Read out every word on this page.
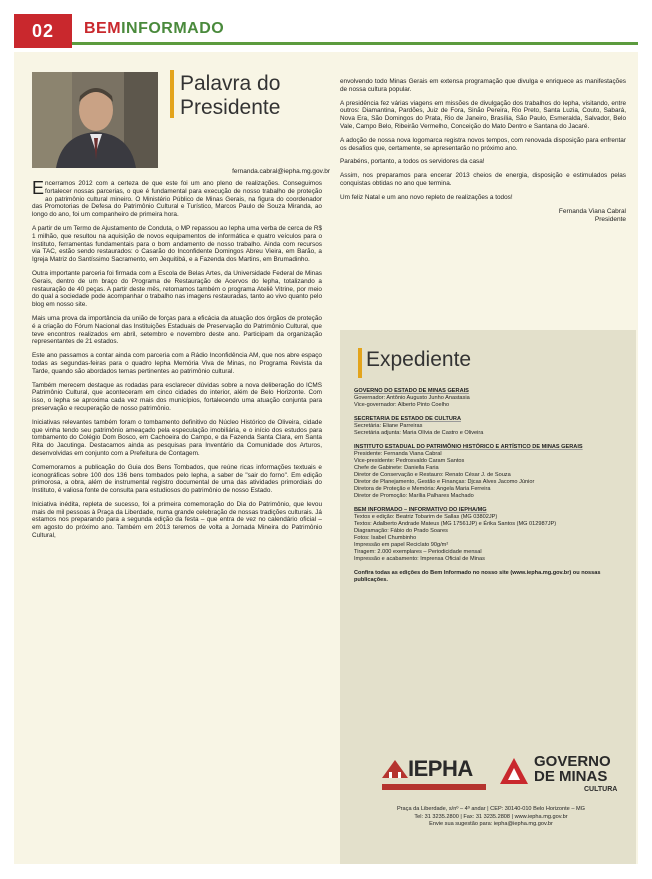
02	BEMINFORMADO
Palavra do Presidente
fernanda.cabral@iepha.mg.gov.br

Encerramos 2012 com a certeza de que este foi um ano pleno de realizações. Conseguimos fortalecer nossas parcerias, o que é fundamental para execução de nosso trabalho de proteção ao patrimônio cultural mineiro. O Ministério Público de Minas Gerais, na figura do coordenador das Promotorias de Defesa do Patrimônio Cultural e Turístico, Marcos Paulo de Souza Miranda, ao longo do ano, foi um companheiro de primeira hora.

A partir de um Termo de Ajustamento de Conduta, o MP repassou ao Iepha uma verba de cerca de R$ 1 milhão, que resultou na aquisição de novos equipamentos de informática e quatro veículos para o Instituto, ferramentas fundamentais para o bom andamento de nosso trabalho. Ainda com recursos via TAC, estão sendo restaurados: o Casarão do Inconfidente Domingos Abreu Vieira, em Barão, a Igreja Matriz do Santíssimo Sacramento, em Jequitibá, e a Fazenda dos Martins, em Brumadinho.

Outra importante parceria foi firmada com a Escola de Belas Artes, da Universidade Federal de Minas Gerais, dentro de um braço do Programa de Restauração de Acervos do Iepha, totalizando a restauração de 40 peças. A partir deste mês, retomamos também o programa Ateliê Vitrine, por meio do qual a sociedade pode acompanhar o trabalho nas imagens restauradas, tanto ao vivo quanto pelo blog em nosso site.

Mais uma prova da importância da união de forças para a eficácia da atuação dos órgãos de proteção é a criação do Fórum Nacional das Instituições Estaduais de Preservação do Patrimônio Cultural, que teve encontros realizados em abril, setembro e novembro deste ano. Participam da organização representantes de 21 estados.

Este ano passamos a contar ainda com parceria com a Rádio Inconfidência AM, que nos abre espaço todas as segundas-feiras para o quadro Iepha Memória Viva de Minas, no Programa Revista da Tarde, quando são abordados temas pertinentes ao patrimônio cultural.

Também merecem destaque as rodadas para esclarecer dúvidas sobre a nova deliberação do ICMS Patrimônio Cultural, que aconteceram em cinco cidades do interior, além de Belo Horizonte. Com isso, o Iepha se aproxima cada vez mais dos municípios, fortalecendo uma atuação conjunta para preservação e recuperação de nosso patrimônio.

Iniciativas relevantes também foram o tombamento definitivo do Núcleo Histórico de Oliveira, cidade que vinha tendo seu patrimônio ameaçado pela especulação imobiliária, e o início dos estudos para tombamento do Colégio Dom Bosco, em Cachoeira do Campo, e da Fazenda Santa Clara, em Santa Rita do Jacutinga. Destacamos ainda as pesquisas para Inventário da Comunidade dos Arturos, desenvolvidas em conjunto com a Prefeitura de Contagem.

Comemoramos a publicação do Guia dos Bens Tombados, que reúne ricas informações textuais e iconográficas sobre 100 dos 136 bens tombados pelo Iepha, a saber de "sair do forno". Em edição primorosa, a obra, além de instrumental registro documental de uma das atividades primordiais do Instituto, é valiosa fonte de consulta para estudiosos do patrimônio de nosso Estado.

Iniciativa inédita, repleta de sucesso, foi a primeira comemoração do Dia do Patrimônio, que levou mais de mil pessoas à Praça da Liberdade, numa grande celebração de nossas tradições culturais. Já estamos nos preparando para a segunda edição da festa – que entra de vez no calendário oficial – em agosto do próximo ano. Também em 2013 teremos de volta a Jornada Mineira do Patrimônio Cultural,

envolvendo todo Minas Gerais em extensa programação que divulga e enriquece as manifestações de nossa cultura popular.

A presidência fez várias viagens em missões de divulgação dos trabalhos do Iepha, visitando, entre outros: Diamantina, Pardões, Juiz de Fora, Sinão Pereira, Rio Preto, Santa Luzia, Couto, Sabará, Nova Era, São Domingos do Prata, Rio de Janeiro, Brasília, São Paulo, Esmeralda, Salvador, Belo Vale, Campo Belo, Ribeirão Vermelho, Conceição do Mato Dentro e Santana do Jacaré.

A adoção de nossa nova logomarca registra novos tempos, com renovada disposição para enfrentar os desafios que, certamente, se apresentarão no próximo ano.

Parabéns, portanto, a todos os servidores da casa!

Assim, nos preparamos para encerar 2013 cheios de energia, disposição e estimulados pelas conquistas obtidas no ano que termina.

Um feliz Natal e um ano novo repleto de realizações a todos!

Fernanda Viana Cabral
Presidente
Expediente
GOVERNO DO ESTADO DE MINAS GERAIS
Governador: Antônio Augusto Junho Anastasia
Vice-governador: Alberto Pinto Coelho
SECRETARIA DE ESTADO DE CULTURA
Secretária: Eliane Parreiras
Secretária adjunta: Maria Olívia de Castro e Oliveira
INSTITUTO ESTADUAL DO PATRIMÔNIO HISTÓRICO E ARTÍSTICO DE MINAS GERAIS
Presidente: Fernanda Viana Cabral
Vice-presidente: Pedrosvaldo Caram Santos
Chefe de Gabinete: Daniella Faria
Diretor de Conservação e Restauro: Renato César J. de Souza
Diretor de Planejamento, Gestão e Finanças: Djcas Alves Jacomo Júnior
Diretora de Proteção e Memória: Angela Maria Ferreira
Diretor de Promoção: Marília Palhares Machado
BEM INFORMADO – INFORMATIVO DO IEPHA/MG
Textos e edição: Beatriz Tobarim de Sallas (MG 03802JP)
Textos: Adalberto Andrade Mateus (MG 17561JP) e Érika Santos (MG 012987JP)
Diagramação: Fábio do Prado Soares
Fotos: Isabel Chumbinho
Impressão em papel Reciclato 90g/m²
Tiragem: 2.000 exemplares – Periodicidade mensal
Impressão e acabamento: Imprensa Oficial de Minas
Confira todas as edições do Bem Informado no nosso site (www.iepha.mg.gov.br) ou nossas publicações.
IEPHA	GOVERNO
DE MINAS
CULTURA
Praça da Liberdade, s/nº – 4º andar | CEP: 30140-010 Belo Horizonte – MG
Tel: 31 3235.2800 | Fax: 31 3235.2808 | www.iepha.mg.gov.br
Envie sua sugestão para: iepha@iepha.mg.gov.br
